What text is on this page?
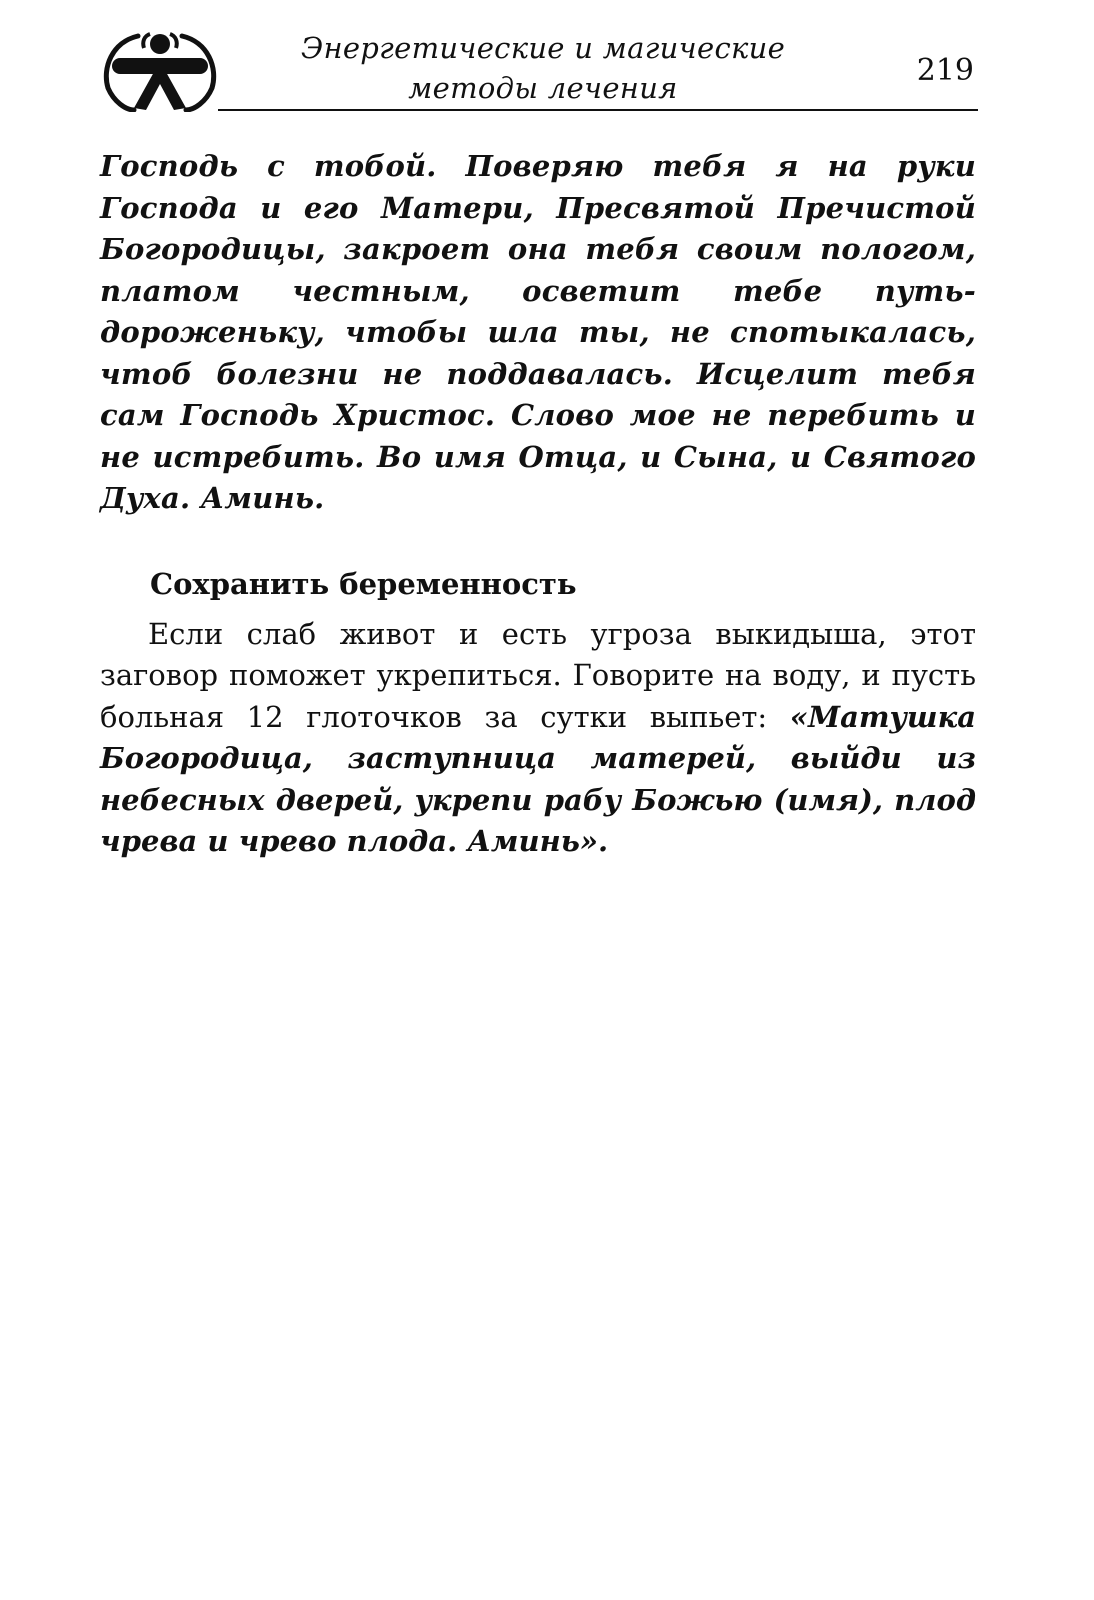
Энергетические и магические
методы лечения	219

Господь с тобой. Поверяю тебя я на руки Господа и его Матери, Пресвятой Пречистой Богородицы, закроет она тебя своим пологом, платом честным, осветит тебе путь-дороженьку, чтобы шла ты, не спотыкалась, чтоб болезни не поддавалась. Исцелит тебя сам Господь Христос. Слово мое не перебить и не истребить. Во имя Отца, и Сына, и Святого Духа. Аминь.

Сохранить беременность

Если слаб живот и есть угроза выкидыша, этот заговор поможет укрепиться. Говорите на воду, и пусть больная 12 глоточков за сутки выпьет: «Матушка Богородица, заступница матерей, выйди из небесных дверей, укрепи рабу Божью (имя), плод чрева и чрево плода. Аминь».
